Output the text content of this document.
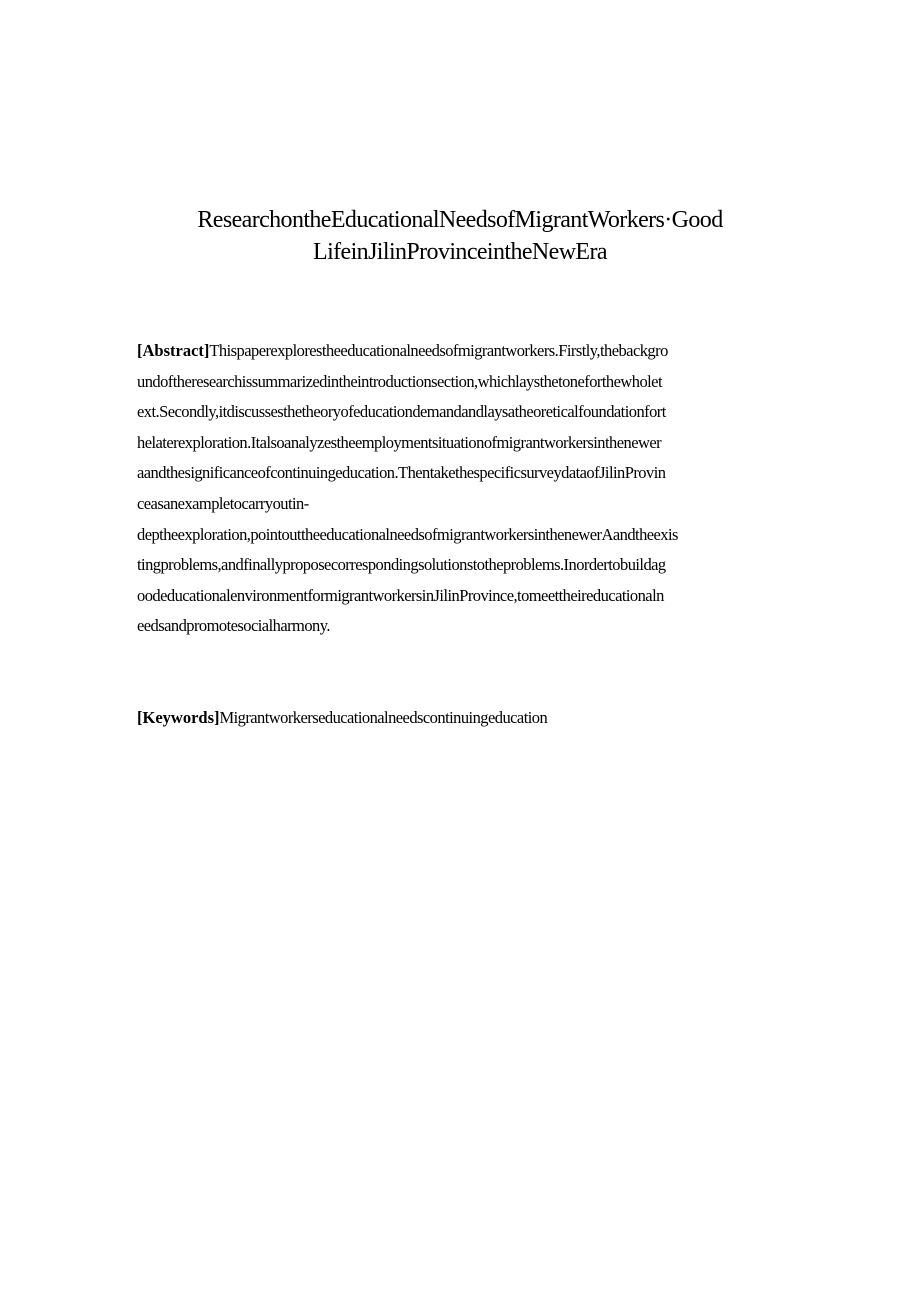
ResearchontheEducationalNeedsofMigrantWorkers·Good
LifeinJilinProvinceintheNewEra
[Abstract]Thispaperexplorestheeducationalneedsofmigrantworkers.Firstly,thebackgro
undoftheresearchissummarizedintheintroductionsection,whichlaysthetoneforthewholet
ext.Secondly,itdiscussesthetheoryofeducationdemandandlaysatheoreticalfoundationfort
helaterexploration.Italsoanalyzestheemploymentsituationofmigrantworkersinthenewer
aandthesignificanceofcontinuingeducation.ThentakethespecificsurveydataofJilinProvin
ceasanexampletocarryoutin-
deptheexploration,pointouttheeducationalneedsofmigrantworkersinthenewerAandtheexis
tingproblems,andfinallyproposecorrespondingsolutionstotheproblems.Inordertobuildag
oodeducationalenvironmentformigrantworkersinJilinProvince,tomeettheireducationaln
eedsandpromotesocialharmony.
[Keywords]Migrantworkerseducationalneedscontinuingeducation
